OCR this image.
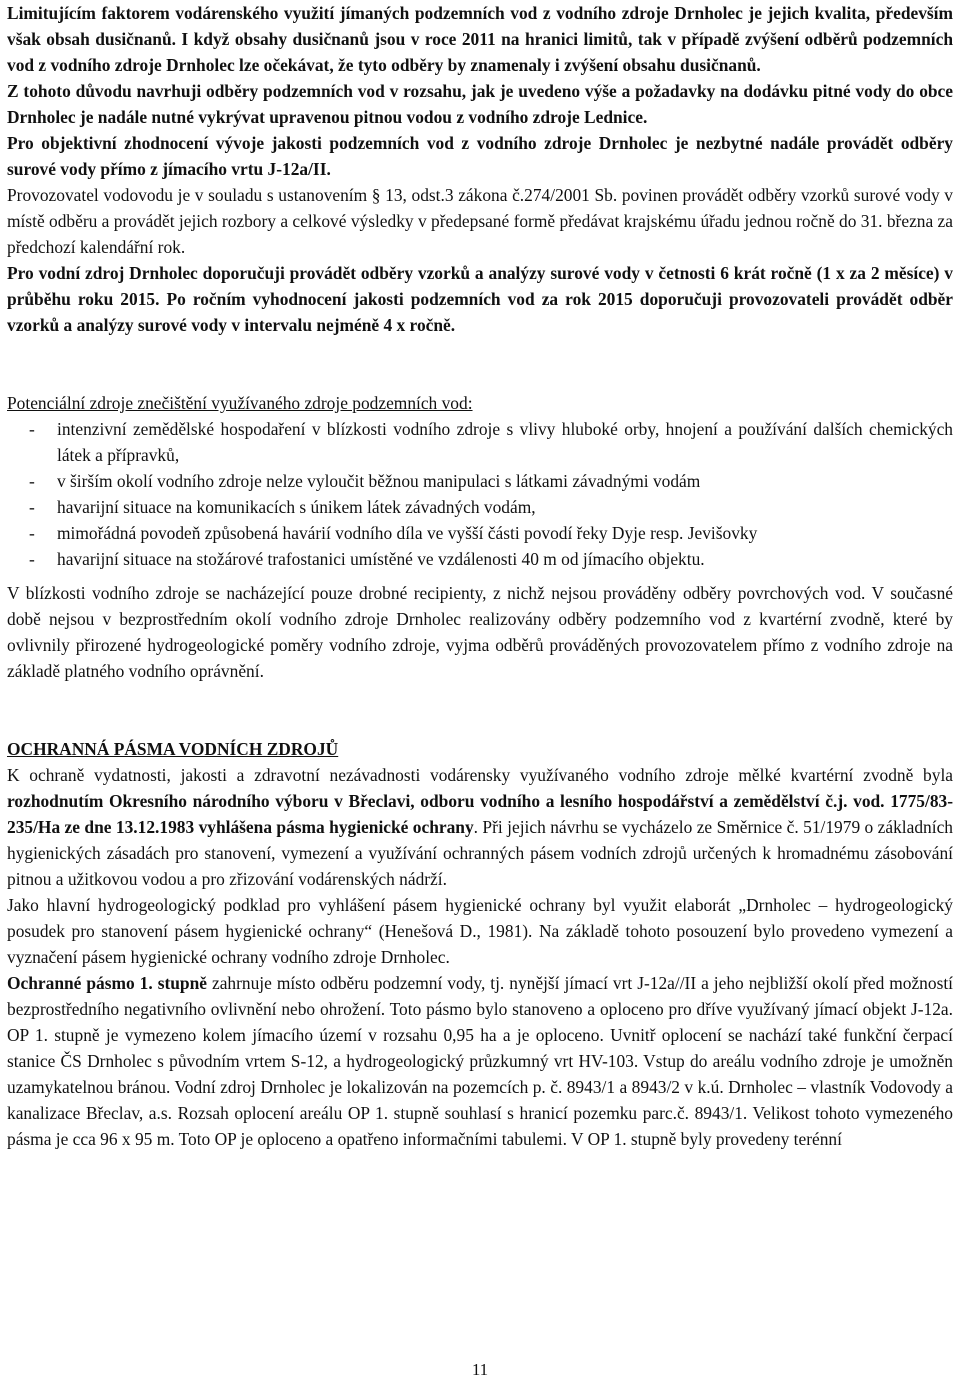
Limitujícím faktorem vodárenského využití jímaných podzemních vod z vodního zdroje Drnholec je jejich kvalita, především však obsah dusičnanů. I když obsahy dusičnanů jsou v roce 2011 na hranici limitů, tak v případě zvýšení odběrů podzemních vod z vodního zdroje Drnholec lze očekávat, že tyto odběry by znamenaly i zvýšení obsahu dusičnanů.

Z tohoto důvodu navrhuji odběry podzemních vod v rozsahu, jak je uvedeno výše a požadavky na dodávku pitné vody do obce Drnholec je nadále nutné vykrývat upravenou pitnou vodou z vodního zdroje Lednice.

Pro objektivní zhodnocení vývoje jakosti podzemních vod z vodního zdroje Drnholec je nezbytné nadále provádět odběry surové vody přímo z jímacího vrtu J-12a/II.

Provozovatel vodovodu je v souladu s ustanovením § 13, odst.3 zákona č.274/2001 Sb. povinen provádět odběry vzorků surové vody v místě odběru a provádět jejich rozbory a celkové výsledky v předepsané formě předávat krajskému úřadu jednou ročně do 31. března za předchozí kalendářní rok.

Pro vodní zdroj Drnholec doporučuji provádět odběry vzorků a analýzy surové vody v četnosti 6 krát ročně (1 x za 2 měsíce) v průběhu roku 2015. Po ročním vyhodnocení jakosti podzemních vod za rok 2015 doporučuji provozovateli provádět odběr vzorků a analýzy surové vody v intervalu nejméně 4 x ročně.

Potenciální zdroje znečištění využívaného zdroje podzemních vod:

- intenzivní zemědělské hospodaření v blízkosti vodního zdroje s vlivy hluboké orby, hnojení a používání dalších chemických látek a přípravků,
- v širším okolí vodního zdroje nelze vyloučit běžnou manipulaci s látkami závadnými vodám
- havarijní situace na komunikacích s únikem látek závadných vodám,
- mimořádná povodeň způsobená havárií vodního díla ve vyšší části povodí řeky Dyje resp. Jevišovky
- havarijní situace na stožárové trafostanici umístěné ve vzdálenosti 40 m od jímacího objektu.

V blízkosti vodního zdroje se nacházející pouze drobné recipienty, z nichž nejsou prováděny odběry povrchových vod. V současné době nejsou v bezprostředním okolí vodního zdroje Drnholec realizovány odběry podzemního vod z kvartérní zvodně, které by ovlivnily přirozené hydrogeologické poměry vodního zdroje, vyjma odběrů prováděných provozovatelem přímo z vodního zdroje na základě platného vodního oprávnění.

OCHRANNÁ PÁSMA VODNÍCH ZDROJŮ

K ochraně vydatnosti, jakosti a zdravotní nezávadnosti vodárensky využívaného vodního zdroje mělké kvartérní zvodně byla rozhodnutím Okresního národního výboru v Břeclavi, odboru vodního a lesního hospodářství a zemědělství č.j. vod. 1775/83-235/Ha ze dne 13.12.1983 vyhlášena pásma hygienické ochrany. Při jejich návrhu se vycházelo ze Směrnice č. 51/1979 o základních hygienických zásadách pro stanovení, vymezení a využívání ochranných pásem vodních zdrojů určených k hromadnému zásobování pitnou a užitkovou vodou a pro zřizování vodárenských nádrží.

Jako hlavní hydrogeologický podklad pro vyhlášení pásem hygienické ochrany byl využit elaborát „Drnholec – hydrogeologický posudek pro stanovení pásem hygienické ochrany“ (Henešová D., 1981). Na základě tohoto posouzení bylo provedeno vymezení a vyznačení pásem hygienické ochrany vodního zdroje Drnholec.

Ochranné pásmo 1. stupně zahrnuje místo odběru podzemní vody, tj. nynější jímací vrt J-12a//II a jeho nejbližší okolí před možností bezprostředního negativního ovlivnění nebo ohrožení. Toto pásmo bylo stanoveno a oploceno pro dříve využívaný jímací objekt J-12a. OP 1. stupně je vymezeno kolem jímacího území v rozsahu 0,95 ha a je oploceno. Uvnitř oplocení se nachází také funkční čerpací stanice ČS Drnholec s původním vrtem S-12, a hydrogeologický průzkumný vrt HV-103. Vstup do areálu vodního zdroje je umožněn uzamykatelnou bránou. Vodní zdroj Drnholec je lokalizován na pozemcích p. č. 8943/1 a 8943/2 v k.ú. Drnholec – vlastník Vodovody a kanalizace Břeclav, a.s. Rozsah oplocení areálu OP 1. stupně souhlasí s hranicí pozemku parc.č. 8943/1. Velikost tohoto vymezeného pásma je cca 96 x 95 m. Toto OP je oploceno a opatřeno informačními tabulemi. V OP 1. stupně byly provedeny terénní

11
